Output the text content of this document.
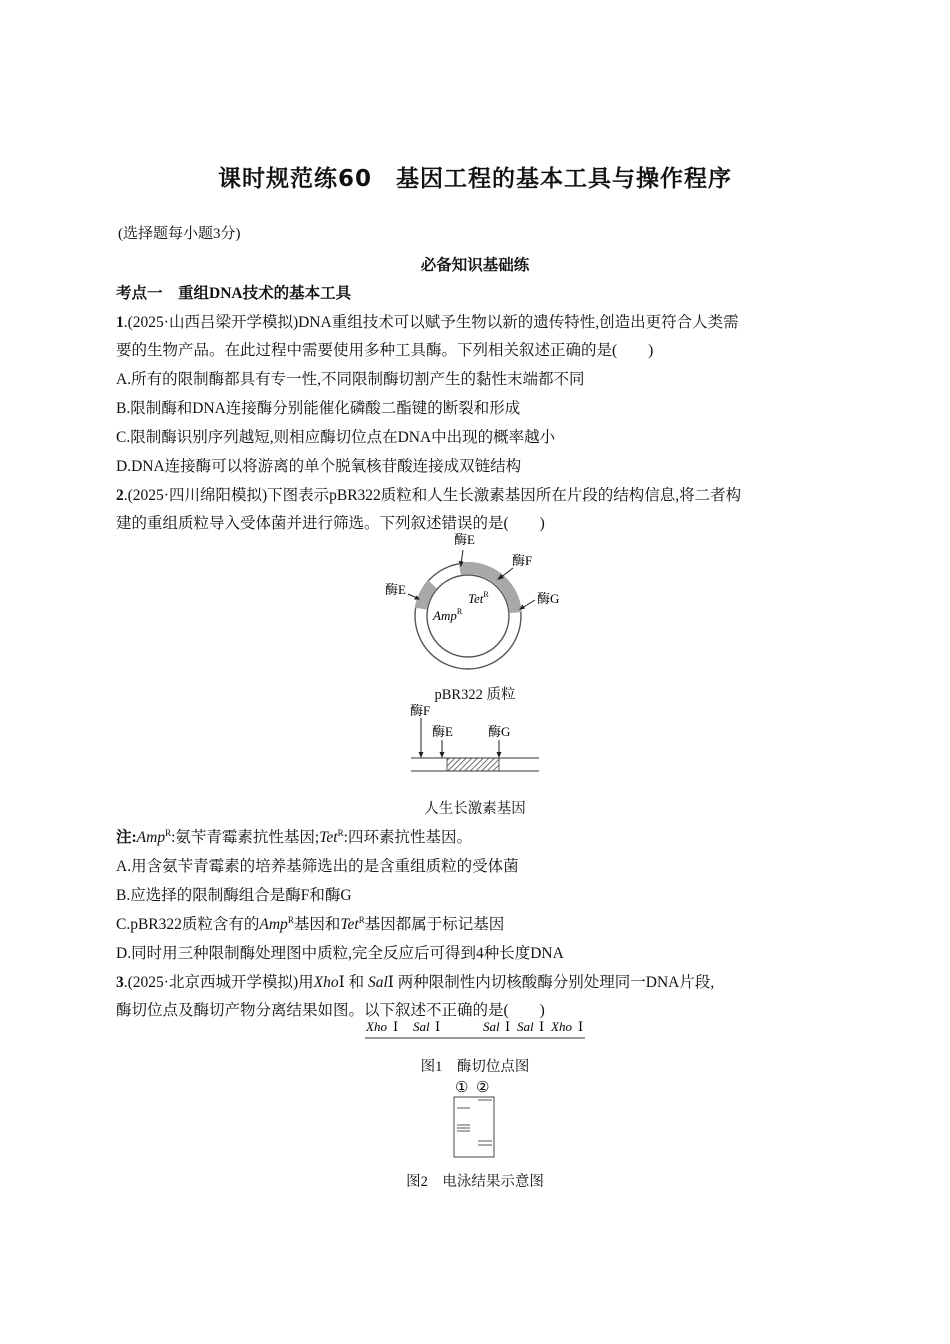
课时规范练60　基因工程的基本工具与操作程序
(选择题每小题3分)
必备知识基础练
考点一　重组DNA技术的基本工具
1.(2025·山西吕梁开学模拟)DNA重组技术可以赋予生物以新的遗传特性,创造出更符合人类需
要的生物产品。在此过程中需要使用多种工具酶。下列相关叙述正确的是(　　)
A.所有的限制酶都具有专一性,不同限制酶切割产生的黏性末端都不同
B.限制酶和DNA连接酶分别能催化磷酸二酯键的断裂和形成
C.限制酶识别序列越短,则相应酶切位点在DNA中出现的概率越小
D.DNA连接酶可以将游离的单个脱氧核苷酸连接成双链结构
2.(2025·四川绵阳模拟)下图表示pBR322质粒和人生长激素基因所在片段的结构信息,将二者构
建的重组质粒导入受体菌并进行筛选。下列叙述错误的是(　　)
酶E
酶F
酶E
酶G
Tet$^R$
Amp$^R$
pBR322 质粒
酶F
酶E	酶G
人生长激素基因
注:Amp$^R$:氨苄青霉素抗性基因;Tet$^R$:四环素抗性基因。
A.用含氨苄青霉素的培养基筛选出的是含重组质粒的受体菌
B.应选择的限制酶组合是酶F和酶G
C.pBR322质粒含有的Amp$^R$基因和Tet$^R$基因都属于标记基因
D.同时用三种限制酶处理图中质粒,完全反应后可得到4种长度DNA
3.(2025·北京西城开学模拟)用XhoⅠ 和 SalⅠ 两种限制性内切核酸酶分别处理同一DNA片段,
酶切位点及酶切产物分离结果如图。以下叙述不正确的是(　　)
Xho Ⅰ Sal Ⅰ	Sal Ⅰ Sal Ⅰ Xho Ⅰ
图1　酶切位点图
① ②
图2　电泳结果示意图
